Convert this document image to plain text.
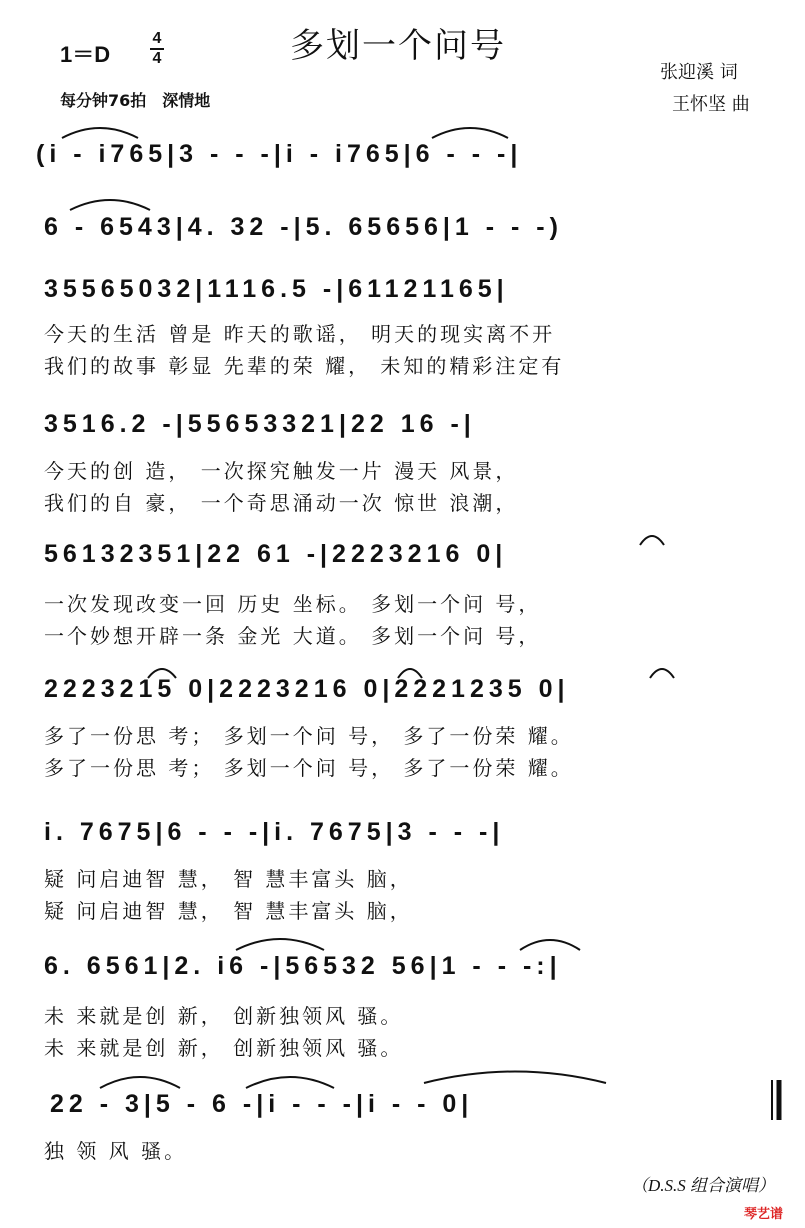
多划一个问号
1＝D
4
4
每分钟76拍　深情地
张迎溪 词
王怀坚 曲
(i - i765|3 - - -|i - i765|6 - - -|
6 - 6543|4. 32 -|5. 65656|1 - - -)
35565032|1116.5 -|61121165|
今天的生活 曾是 昨天的歌谣， 明天的现实离不开
我们的故事 彰显 先辈的荣 耀， 未知的精彩注定有
3516.2 -|55653321|22 16 -|
今天的创 造， 一次探究触发一片 漫天 风景，
我们的自 豪， 一个奇思涌动一次 惊世 浪潮，
56132351|22 61 -|2223216 0|
一次发现改变一回 历史 坐标。 多划一个问 号，
一个妙想开辟一条 金光 大道。 多划一个问 号，
2223215 0|2223216 0|2221235 0|
多了一份思 考； 多划一个问 号， 多了一份荣 耀。
多了一份思 考； 多划一个问 号， 多了一份荣 耀。
i. 7675|6 - - -|i. 7675|3 - - -|
疑 问启迪智 慧， 智 慧丰富头 脑，
疑 问启迪智 慧， 智 慧丰富头 脑，
6. 6561|2. i6 -|56532 56|1 - - -:|
未 来就是创 新， 创新独领风 骚。
未 来就是创 新， 创新独领风 骚。
22 - 3|5 - 6 -|i - - -|i - - 0|
独 领 风 骚。
（D.S.S 组合演唱）
琴艺谱
